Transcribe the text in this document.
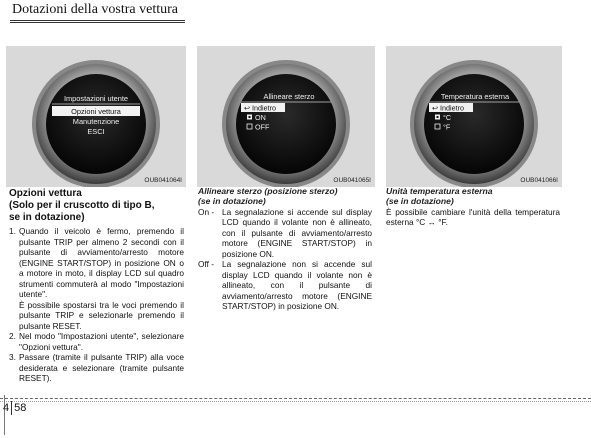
Dotazioni della vostra vettura
Impostazioni utente
Opzioni vettura
Manutenzione
ESCI
OUB041064I
Allineare sterzo
↩ Indietro
ON
OFF
OUB041065I
Temperatura esterna
↩ Indietro
°C
°F
OUB041066I
Opzioni vettura
(Solo per il cruscotto di tipo B,
se in dotazione)
1. Quando il veicolo è fermo, premendo il pulsante TRIP per almeno 2 secondi con il pulsante di avviamento/arresto motore (ENGINE START/STOP) in posizione ON o a motore in moto, il display LCD sul quadro strumenti commuterà al modo "Impostazioni utente".
È possibile spostarsi tra le voci premendo il pulsante TRIP e selezionarle premendo il pulsante RESET.
2. Nel modo "Impostazioni utente", selezionare "Opzioni vettura".
3. Passare (tramite il pulsante TRIP) alla voce desiderata e selezionare (tramite pulsante RESET).
Allineare sterzo (posizione sterzo)
(se in dotazione)
On - La segnalazione si accende sul display LCD quando il volante non è allineato, con il pulsante di avviamento/arresto motore (ENGINE START/STOP) in posizione ON.
Off - La segnalazione non si accende sul display LCD quando il volante non è allineato, con il pulsante di avviamento/arresto motore (ENGINE START/STOP) in posizione ON.
Unità temperatura esterna
(se in dotazione)
È possibile cambiare l'unità della temperatura esterna °C ↔ °F.
4 58
